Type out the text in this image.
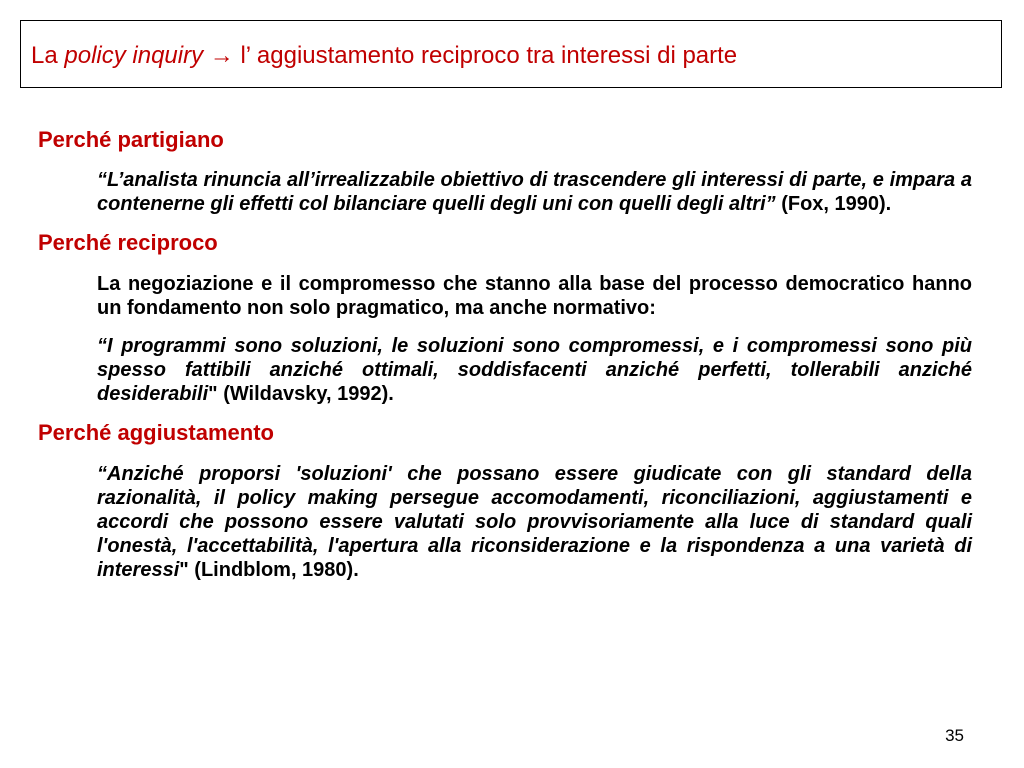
La policy inquiry → l’ aggiustamento reciproco tra interessi di parte
Perché partigiano
“L’analista rinuncia all’irrealizzabile obiettivo di trascendere gli interessi di parte, e impara a contenerne gli effetti col bilanciare quelli degli uni con quelli degli altri” (Fox, 1990).
Perché reciproco
La negoziazione e il compromesso che stanno alla base del processo democratico hanno un fondamento non solo pragmatico, ma anche normativo:
“I programmi sono soluzioni, le soluzioni sono compromessi, e i compromessi sono più spesso fattibili anziché ottimali, soddisfacenti anziché perfetti, tollerabili anziché desiderabili" (Wildavsky, 1992).
Perché aggiustamento
“Anziché proporsi 'soluzioni' che possano essere giudicate con gli standard della razionalità, il policy making persegue accomodamenti, riconciliazioni, aggiustamenti e accordi che possono essere valutati solo provvisoriamente alla luce di standard quali l'onestà, l'accettabilità, l'apertura alla riconsiderazione e la rispondenza a una varietà di interessi" (Lindblom, 1980).
35
